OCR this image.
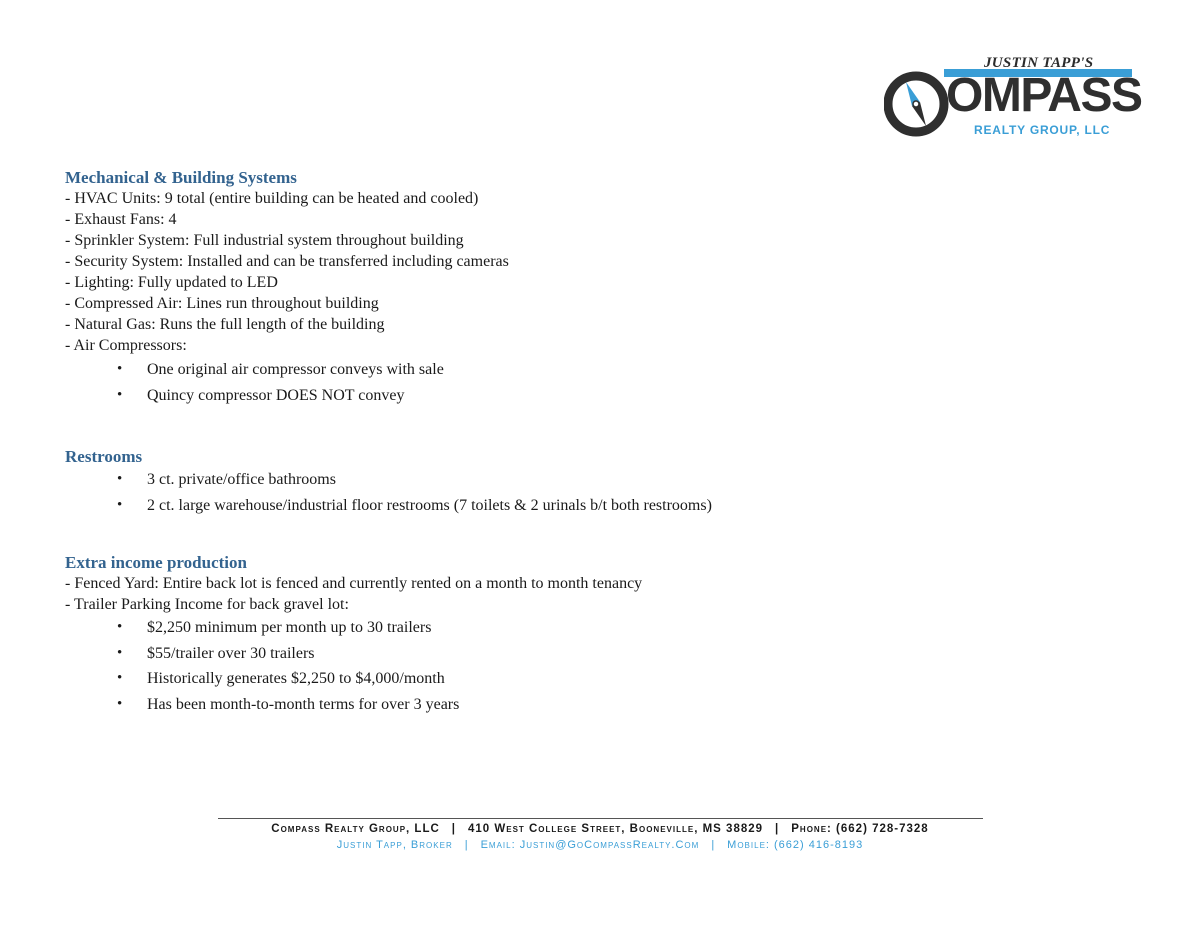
JUSTIN TAPP'S
OMPASS
REALTY GROUP, LLC
Mechanical & Building Systems

- HVAC Units: 9 total (entire building can be heated and cooled)

- Exhaust Fans: 4

- Sprinkler System: Full industrial system throughout building

- Security System: Installed and can be transferred including cameras

- Lighting: Fully updated to LED

- Compressed Air: Lines run throughout building

- Natural Gas: Runs the full length of the building

- Air Compressors:

• One original air compressor conveys with sale
• Quincy compressor DOES NOT convey
Restrooms
• 3 ct. private/office bathrooms
• 2 ct. large warehouse/industrial floor restrooms (7 toilets & 2 urinals b/t both restrooms)
Extra income production

- Fenced Yard: Entire back lot is fenced and currently rented on a month to month tenancy

- Trailer Parking Income for back gravel lot:

• $2,250 minimum per month up to 30 trailers
• $55/trailer over 30 trailers
• Historically generates $2,250 to $4,000/month
• Has been month-to-month terms for over 3 years
Compass Realty Group, LLC | 410 West College Street, Booneville, MS 38829 | Phone: (662) 728-7328
Justin Tapp, Broker | Email: Justin@GoCompassRealty.Com | Mobile: (662) 416-8193
